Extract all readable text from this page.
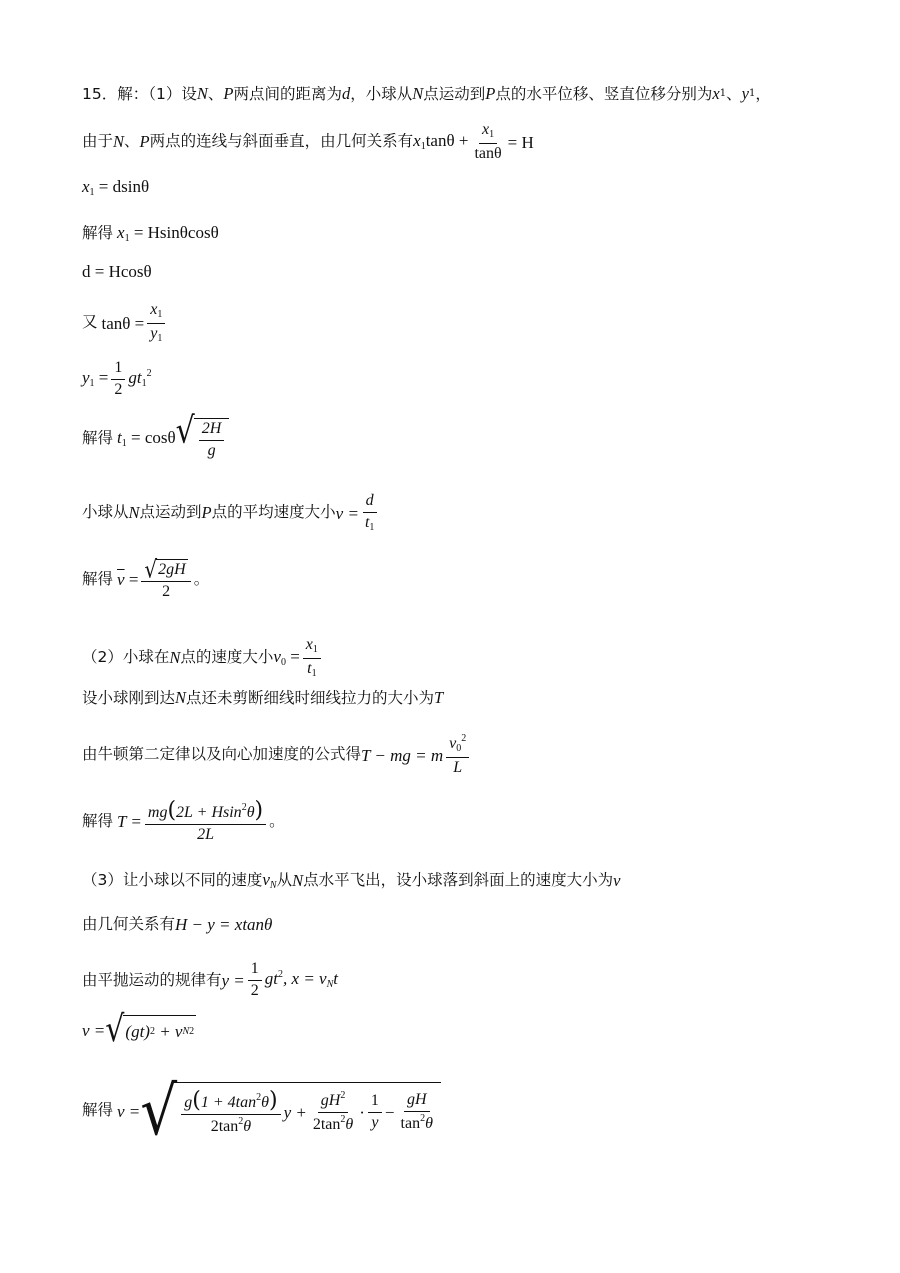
15．解：（1）设 N 、 P 两点间的距离为 d ，小球从 N 点运动到 P 点的水平位移、竖直位移分别为 x 1 、 y 1 ，
由于 N 、 P 两点的连线与斜面垂直，由几何关系有 $x_1\tan\theta + \frac{x_1}{\tan\theta} = H$
$x_1 = dsin\theta$
解得 $x_1 = Hsin\theta\cos\theta$
d = Hcosθ
又 $\tan\theta = \frac{x_1}{y_1}$
$y_1 = \frac{1}{2} gt_1^2$
解得 $t_1 = \cos\theta$ √ $\frac{2H}{g}$
小球从 N 点运动到 P 点的平均速度大小 $v = \frac{d}{t_1}$
解得 $\overline{v} = \frac{√ 2gH}{2}$ 。
（2）小球在 N 点的速度大小 $v_0 = \frac{x_1}{t_1}$
设小球刚到达 N 点还未剪断细线时细线拉力的大小为 T
由牛顿第二定律以及向心加速度的公式得 T − mg = m $\frac{v_0^2}{L}$
解得 $T = \frac{mg(2L + Hsin^2\theta)}{2L}$ 。
（3）让小球以不同的速度 $v_N$ 从 N 点水平飞出，设小球落到斜面上的速度大小为 v
由几何关系有 H − y = xtanθ
由平抛运动的规律有 $y = \frac{1}{2} gt^2$, $x = v_Nt$
v = √ (gt) 2
+ v N 2
解得 v = √ $\frac{g(1 + 4\tan^2\theta)}{2\tan^2\theta}$ $y + \frac{gH^2}{2\tan^2\theta} \cdot \frac{1}{y} - \frac{gH}{\tan^2\theta}$
